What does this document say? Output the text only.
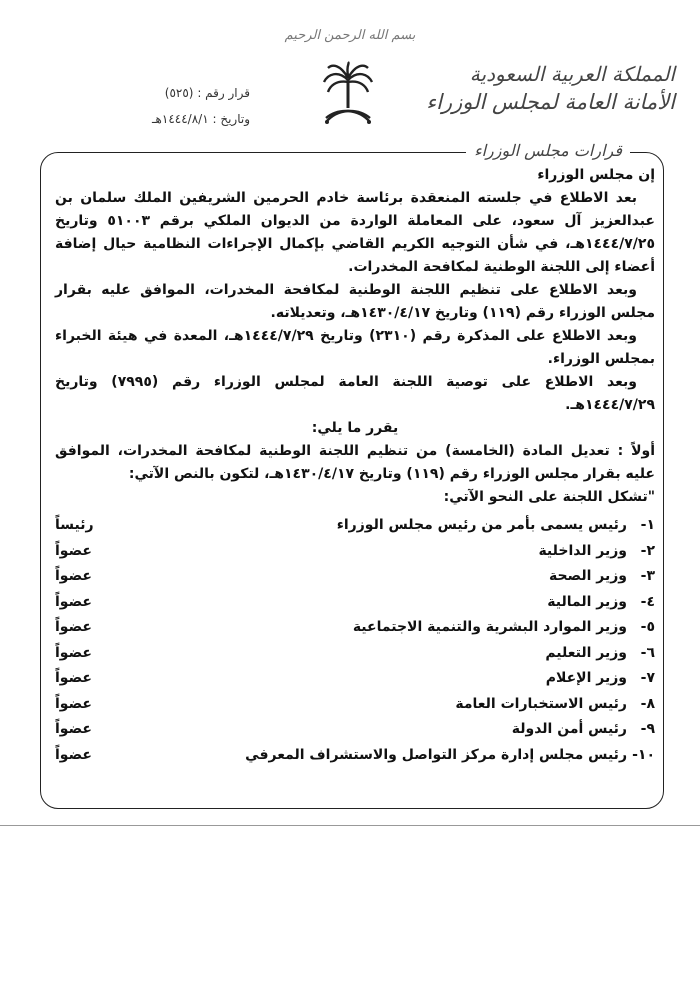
بسم الله الرحمن الرحيم
المملكة العربية السعودية
الأمانة العامة لمجلس الوزراء
قرار رقم : (٥٢٥)
وتاريخ : ١٤٤٤/٨/١هـ
قرارات مجلس الوزراء

إن مجلس الوزراء

بعد الاطلاع في جلسته المنعقدة برئاسة خادم الحرمين الشريفين الملك سلمان بن عبدالعزيز آل سعود، على المعاملة الواردة من الديوان الملكي برقم ٥١٠٠٣ وتاريخ ١٤٤٤/٧/٢٥هـ، في شأن التوجيه الكريم القاضي بإكمال الإجراءات النظامية حيال إضافة أعضاء إلى اللجنة الوطنية لمكافحة المخدرات.

وبعد الاطلاع على تنظيم اللجنة الوطنية لمكافحة المخدرات، الموافق عليه بقرار مجلس الوزراء رقم (١١٩) وتاريخ ١٤٣٠/٤/١٧هـ، وتعديلاته.

وبعد الاطلاع على المذكرة رقم (٢٣١٠) وتاريخ ١٤٤٤/٧/٢٩هـ، المعدة في هيئة الخبراء بمجلس الوزراء.

وبعد الاطلاع على توصية اللجنة العامة لمجلس الوزراء رقم (٧٩٩٥) وتاريخ ١٤٤٤/٧/٢٩هـ.

يقرر ما يلي:

أولاً : تعديل المادة (الخامسة) من تنظيم اللجنة الوطنية لمكافحة المخدرات، الموافق عليه بقرار مجلس الوزراء رقم (١١٩) وتاريخ ١٤٣٠/٤/١٧هـ، لتكون بالنص الآتي:

"تشكل اللجنة على النحو الآتي:

١-
رئيس يسمى بأمر من رئيس مجلس الوزراء
رئيساً
٢-
وزير الداخلية
عضواً
٣-
وزير الصحة
عضواً
٤-
وزير المالية
عضواً
٥-
وزير الموارد البشرية والتنمية الاجتماعية
عضواً
٦-
وزير التعليم
عضواً
٧-
وزير الإعلام
عضواً
٨-
رئيس الاستخبارات العامة
عضواً
٩-
رئيس أمن الدولة
عضواً
١٠-
رئيس مجلس إدارة مركز التواصل والاستشراف المعرفي
عضواً
